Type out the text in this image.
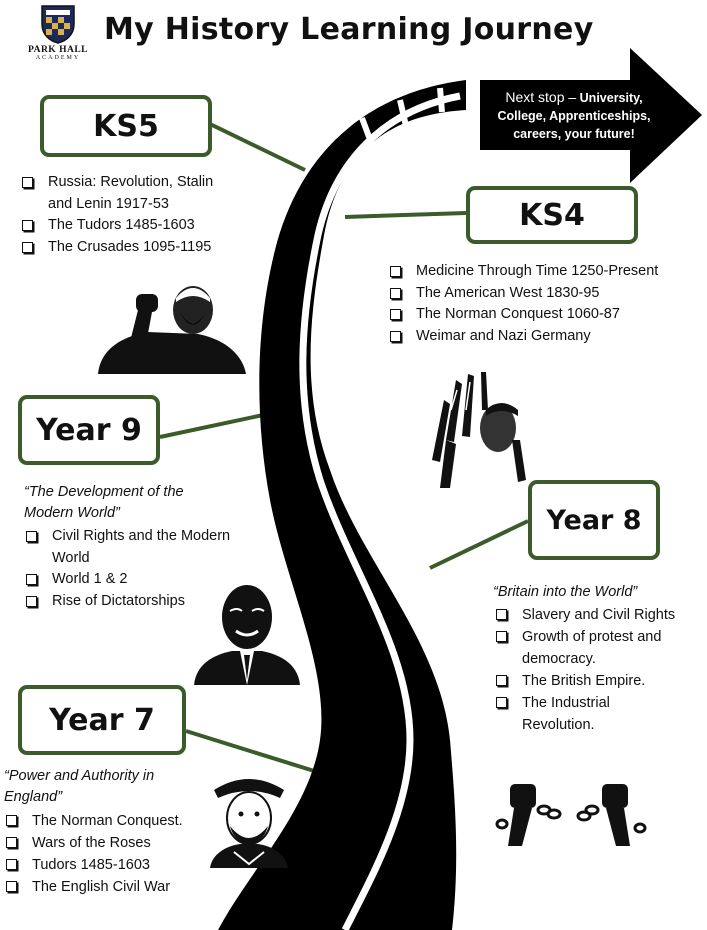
Next stop – University, College, Apprenticeships, careers, your future!
PARK HALL
ACADEMY
My History Learning Journey
KS5
Russia: Revolution, Stalin and Lenin 1917-53
The Tudors 1485-1603
The Crusades 1095-1195
KS4
Medicine Through Time 1250-Present
The American West 1830-95
The Norman Conquest 1060-87
Weimar and Nazi Germany
Year 9
“The Development of the Modern World”
Civil Rights and the Modern World
World 1 & 2
Rise of Dictatorships
Year 8
“Britain into the World”
Slavery and Civil Rights
Growth of protest and democracy.
The British Empire.
The Industrial Revolution.
Year 7
“Power and Authority in England”
The Norman Conquest.
Wars of the Roses
Tudors 1485-1603
The English Civil War
